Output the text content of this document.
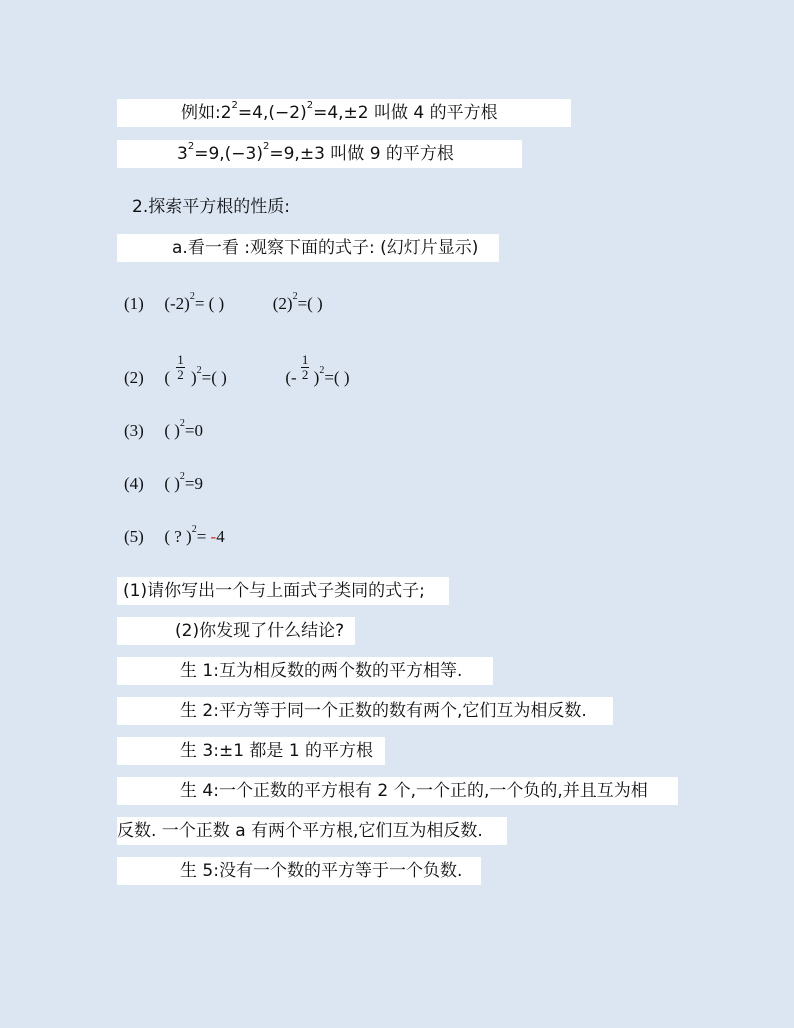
例如$:2^2=4,(-2)^2=4,\pm 2$ 叫做 4 的平方根
$3^2=9,(-3)^2=9,\pm 3$ 叫做 9 的平方根
2.探索平方根的性质:
a.看一看 :观察下面的式子: (幻灯片显示)
(1) $(-2)^2=$ ( )	$(2)^2=$( )
(2) ( $\frac{1}{2} )^2=$( )	(- $\frac{1}{2} )^2=$( )
(3) ( )$^2$=0
(4) ( )$^2$=9
(5) ( ? )$^2$= -4
(1)请你写出一个与上面式子类同的式子;
(2)你发现了什么结论?
生 1:互为相反数的两个数的平方相等.
生 2:平方等于同一个正数的数有两个,它们互为相反数.
生 3:±1 都是 1 的平方根
生 4:一个正数的平方根有 2 个,一个正的,一个负的,并且互为相
反数. 一个正数 a 有两个平方根,它们互为相反数.
生 5:没有一个数的平方等于一个负数.
